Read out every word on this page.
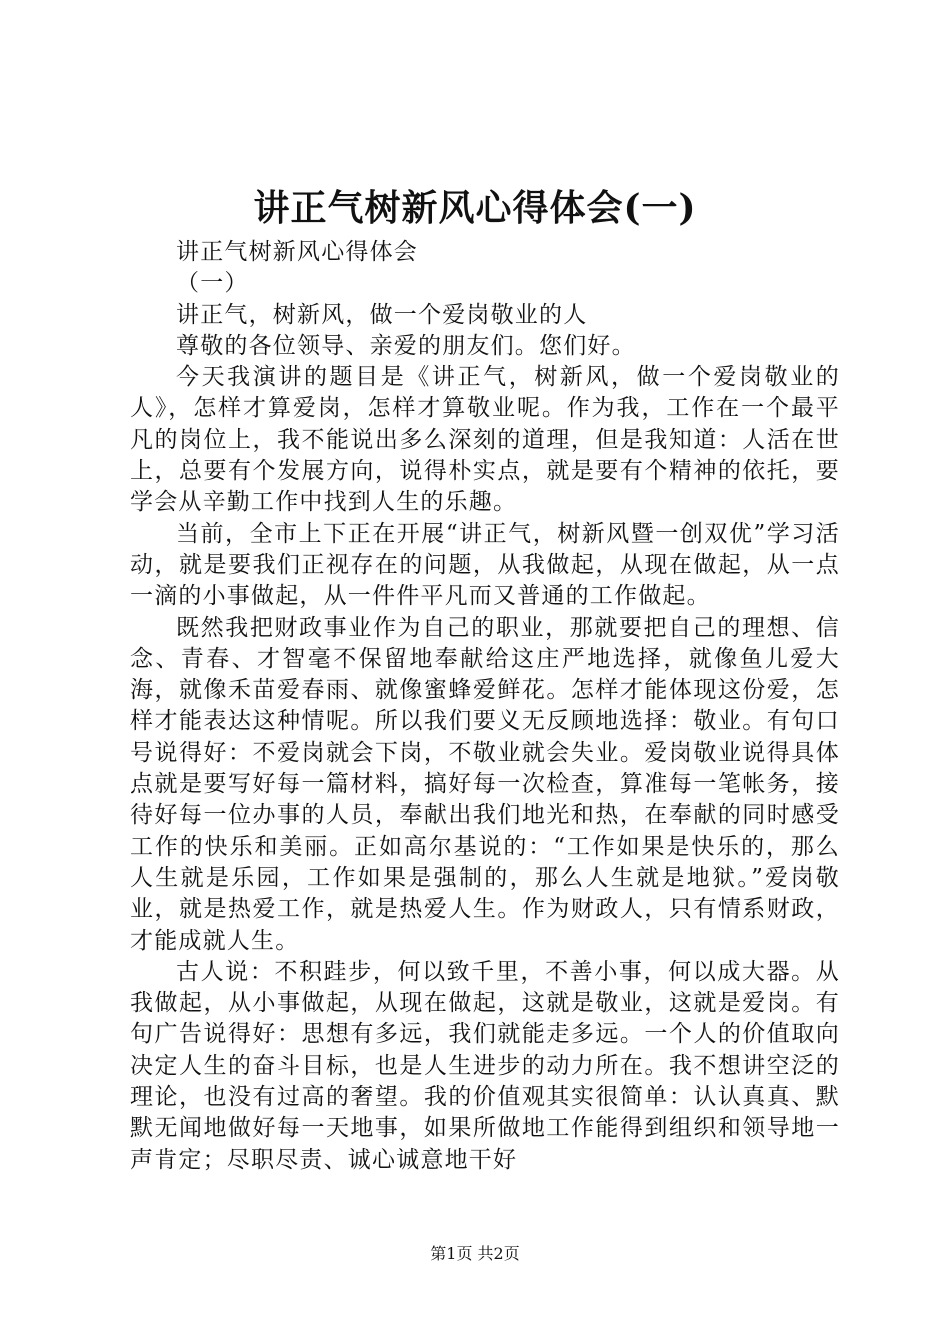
讲正气树新风心得体会(一)

讲正气树新风心得体会

（一）

讲正气，树新风，做一个爱岗敬业的人

尊敬的各位领导、亲爱的朋友们。您们好。

今天我演讲的题目是《讲正气，树新风，做一个爱岗敬业的人》，怎样才算爱岗，怎样才算敬业呢。作为我，工作在一个最平凡的岗位上，我不能说出多么深刻的道理，但是我知道：人活在世上，总要有个发展方向，说得朴实点，就是要有个精神的依托，要学会从辛勤工作中找到人生的乐趣。

当前，全市上下正在开展“讲正气，树新风暨一创双优”学习活动，就是要我们正视存在的问题，从我做起，从现在做起，从一点一滴的小事做起，从一件件平凡而又普通的工作做起。

既然我把财政事业作为自己的职业，那就要把自己的理想、信念、青春、才智毫不保留地奉献给这庄严地选择，就像鱼儿爱大海，就像禾苗爱春雨、就像蜜蜂爱鲜花。怎样才能体现这份爱，怎样才能表达这种情呢。所以我们要义无反顾地选择：敬业。有句口号说得好：不爱岗就会下岗，不敬业就会失业。爱岗敬业说得具体点就是要写好每一篇材料，搞好每一次检查，算准每一笔帐务，接待好每一位办事的人员，奉献出我们地光和热，在奉献的同时感受工作的快乐和美丽。正如高尔基说的：“工作如果是快乐的，那么人生就是乐园，工作如果是强制的，那么人生就是地狱。”爱岗敬业，就是热爱工作，就是热爱人生。作为财政人，只有情系财政，才能成就人生。

古人说：不积跬步，何以致千里，不善小事，何以成大器。从我做起，从小事做起，从现在做起，这就是敬业，这就是爱岗。有句广告说得好：思想有多远，我们就能走多远。一个人的价值取向决定人生的奋斗目标，也是人生进步的动力所在。我不想讲空泛的理论，也没有过高的奢望。我的价值观其实很简单：认认真真、默默无闻地做好每一天地事，如果所做地工作能得到组织和领导地一声肯定；尽职尽责、诚心诚意地干好

第1页 共2页
